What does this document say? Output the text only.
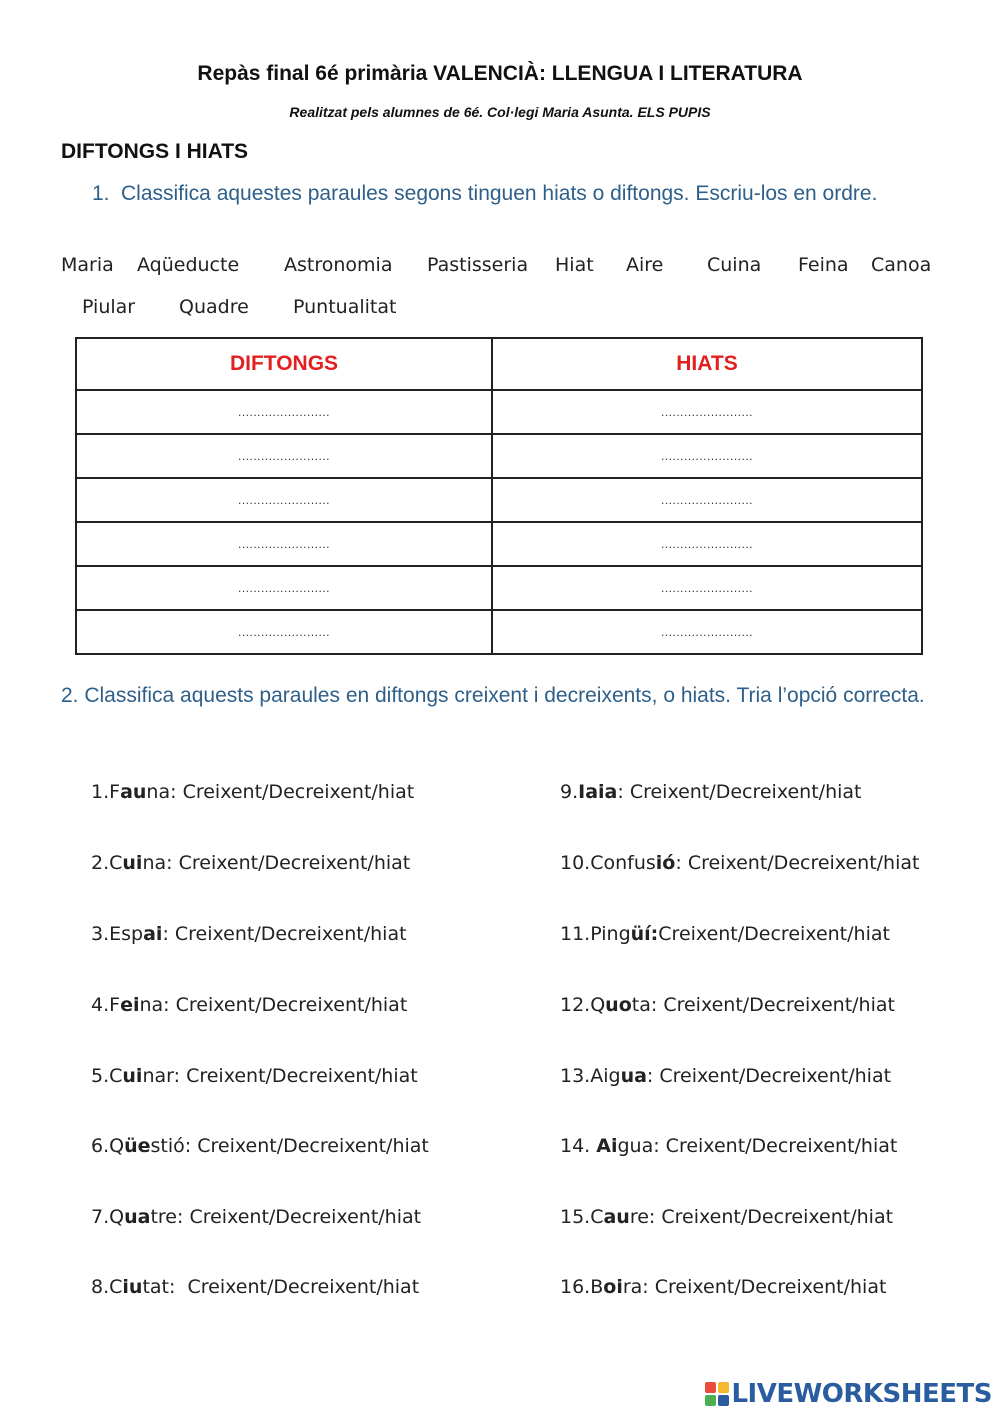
Repàs final 6é primària VALENCIÀ: LLENGUA I LITERATURA
Realitzat pels alumnes de 6é. Col·legi Maria Asunta. ELS PUPIS
DIFTONGS I HIATS
1. Classifica aquestes paraules segons tinguen hiats o diftongs. Escriu-los en ordre.
Maria Aqüeducte Astronomia Pastisseria Hiat Aire Cuina Feina Canoa
Piular Quadre Puntualitat
DIFTONGS	HIATS
........................	........................
........................	........................
........................	........................
........................	........................
........................	........................
........................	........................
2. Classifica aquests paraules en diftongs creixent i decreixents, o hiats. Tria l’opció correcta.
1.Fauna: Creixent/Decreixent/hiat
2.Cuina: Creixent/Decreixent/hiat
3.Espai: Creixent/Decreixent/hiat
4.Feina: Creixent/Decreixent/hiat
5.Cuinar: Creixent/Decreixent/hiat
6.Qüestió: Creixent/Decreixent/hiat
7.Quatre: Creixent/Decreixent/hiat
8.Ciutat:  Creixent/Decreixent/hiat
9.Iaia: Creixent/Decreixent/hiat
10.Confusió: Creixent/Decreixent/hiat
11.Pingüí:Creixent/Decreixent/hiat
12.Quota: Creixent/Decreixent/hiat
13.Aigua: Creixent/Decreixent/hiat
14. Aigua: Creixent/Decreixent/hiat
15.Caure: Creixent/Decreixent/hiat
16.Boira: Creixent/Decreixent/hiat
LIVEWORKSHEETS
